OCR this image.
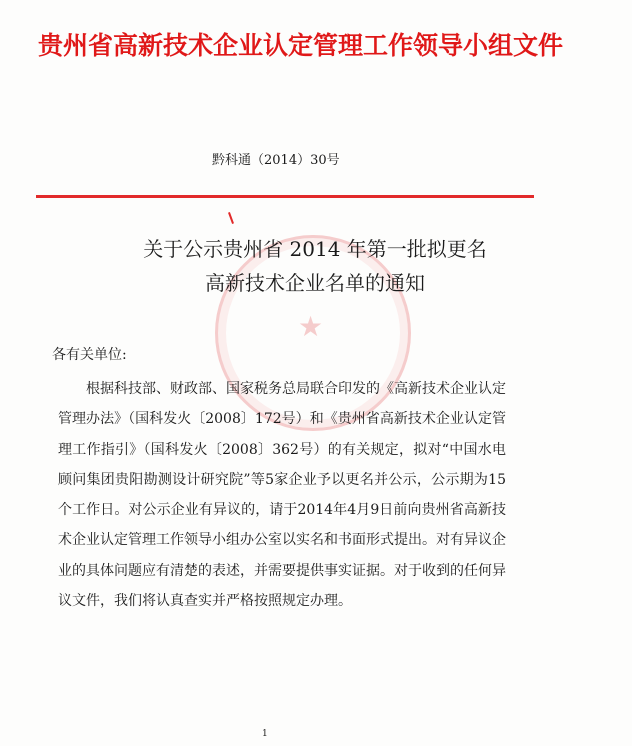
★
贵州省高新技术企业认定管理工作领导小组文件
黔科通（2014）30号
关于公示贵州省 2014 年第一批拟更名
高新技术企业名单的通知

各有关单位:

根据科技部、财政部、国家税务总局联合印发的《高新技术企业认定管理办法》（国科发火〔2008〕172号）和《贵州省高新技术企业认定管理工作指引》（国科发火〔2008〕362号）的有关规定，拟对“中国水电顾问集团贵阳勘测设计研究院”等5家企业予以更名并公示，公示期为15个工作日。对公示企业有异议的，请于2014年4月9日前向贵州省高新技术企业认定管理工作领导小组办公室以实名和书面形式提出。对有异议企业的具体问题应有清楚的表述，并需要提供事实证据。对于收到的任何异议文件，我们将认真查实并严格按照规定办理。

1
